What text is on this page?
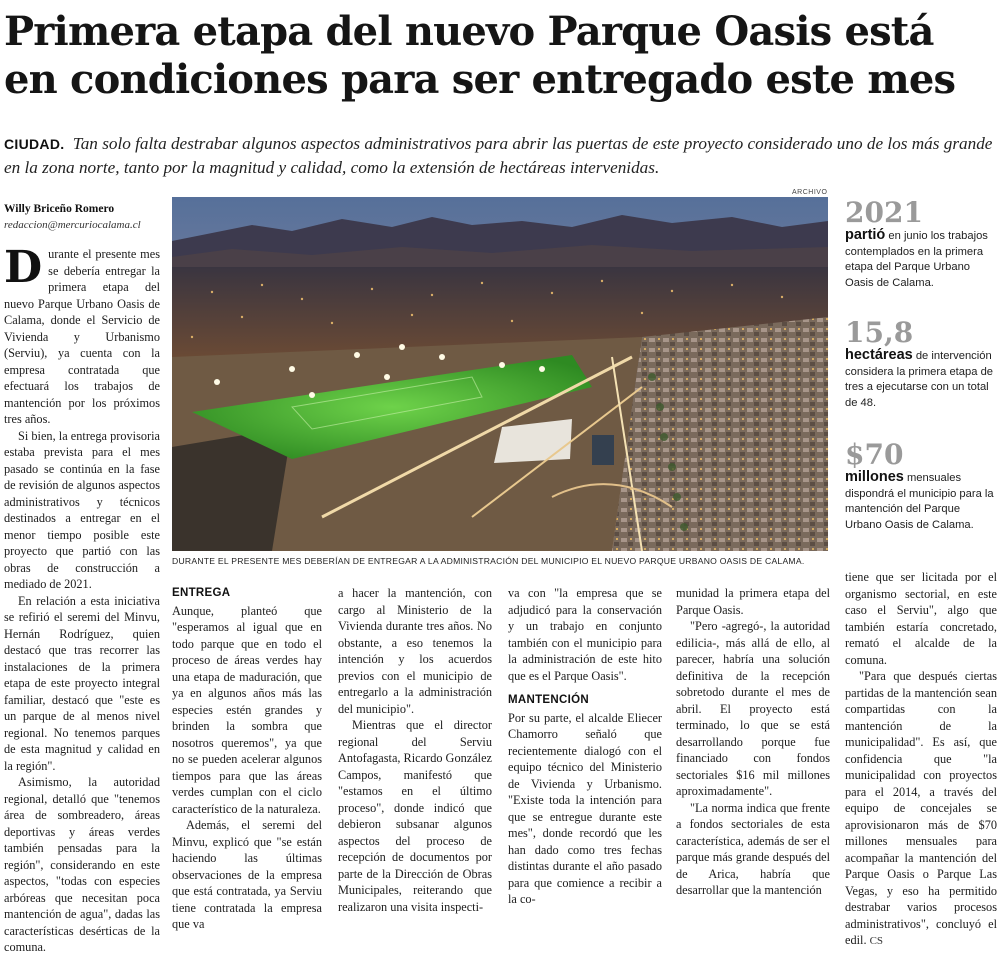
Primera etapa del nuevo Parque Oasis está
en condiciones para ser entregado este mes
CIUDAD. Tan solo falta destrabar algunos aspectos administrativos para abrir las puertas de este proyecto considerado uno de los más grande en la zona norte, tanto por la magnitud y calidad, como la extensión de hectáreas intervenidas.
Willy Briceño Romero
redaccion@mercuriocalama.cl
ARCHIVO
DURANTE EL PRESENTE MES DEBERÍAN DE ENTREGAR A LA ADMINISTRACIÓN DEL MUNICIPIO EL NUEVO PARQUE URBANO OASIS DE CALAMA.
2021
partió en junio los trabajos contemplados en la primera etapa del Parque Urbano Oasis de Calama.
15,8
hectáreas de intervención considera la primera etapa de tres a ejecutarse con un total de 48.
$70
millones mensuales dispondrá el municipio para la mantención del Parque Urbano Oasis de Calama.

Durante el presente mes se debería entregar la primera etapa del nuevo Parque Urbano Oasis de Calama, donde el Servicio de Vivienda y Urbanismo (Serviu), ya cuenta con la empresa contratada que efectuará los trabajos de mantención por los próximos tres años.

Si bien, la entrega provisoria estaba prevista para el mes pasado se continúa en la fase de revisión de algunos aspectos administrativos y técnicos destinados a entregar en el menor tiempo posible este proyecto que partió con las obras de construcción a mediado de 2021.

En relación a esta iniciativa se refirió el seremi del Minvu, Hernán Rodríguez, quien destacó que tras recorrer las instalaciones de la primera etapa de este proyecto integral familiar, destacó que "este es un parque de al menos nivel regional. No tenemos parques de esta magnitud y calidad en la región".

Asimismo, la autoridad regional, detalló que "tenemos área de sombreadero, áreas deportivas y áreas verdes también pensadas para la región", considerando en este aspectos, "todas con especies arbóreas que necesitan poca mantención de agua", dadas las características desérticas de la comuna.

ENTREGA

Aunque, planteó que "esperamos al igual que en todo parque que en todo el proceso de áreas verdes hay una etapa de maduración, que ya en algunos años más las especies estén grandes y brinden la sombra que nosotros queremos", ya que no se pueden acelerar algunos tiempos para que las áreas verdes cumplan con el ciclo característico de la naturaleza.

Además, el seremi del Minvu, explicó que "se están haciendo las últimas observaciones de la empresa que está contratada, ya Serviu tiene contratada la empresa que va

a hacer la mantención, con cargo al Ministerio de la Vivienda durante tres años. No obstante, a eso tenemos la intención y los acuerdos previos con el municipio de entregarlo a la administración del municipio".

Mientras que el director regional del Serviu Antofagasta, Ricardo González Campos, manifestó que "estamos en el último proceso", donde indicó que debieron subsanar algunos aspectos del proceso de recepción de documentos por parte de la Dirección de Obras Municipales, reiterando que realizaron una visita inspecti-

va con "la empresa que se adjudicó para la conservación y un trabajo en conjunto también con el municipio para la administración de este hito que es el Parque Oasis".

MANTENCIÓN

Por su parte, el alcalde Eliecer Chamorro señaló que recientemente dialogó con el equipo técnico del Ministerio de Vivienda y Urbanismo. "Existe toda la intención para que se entregue durante este mes", donde recordó que les han dado como tres fechas distintas durante el año pasado para que comience a recibir a la co-

munidad la primera etapa del Parque Oasis.

"Pero -agregó-, la autoridad edilicia-, más allá de ello, al parecer, habría una solución definitiva de la recepción sobretodo durante el mes de abril. El proyecto está terminado, lo que se está desarrollando porque fue financiado con fondos sectoriales $16 mil millones aproximadamente".

"La norma indica que frente a fondos sectoriales de esta característica, además de ser el parque más grande después del de Arica, habría que desarrollar que la mantención

tiene que ser licitada por el organismo sectorial, en este caso el Serviu", algo que también estaría concretado, remató el alcalde de la comuna.

"Para que después ciertas partidas de la mantención sean compartidas con la mantención de la municipalidad". Es así, que confidencia que "la municipalidad con proyectos para el 2014, a través del equipo de concejales se aprovisionaron más de $70 millones mensuales para acompañar la mantención del Parque Oasis o Parque Las Vegas, y eso ha permitido destrabar varios procesos administrativos", concluyó el edil. CS
